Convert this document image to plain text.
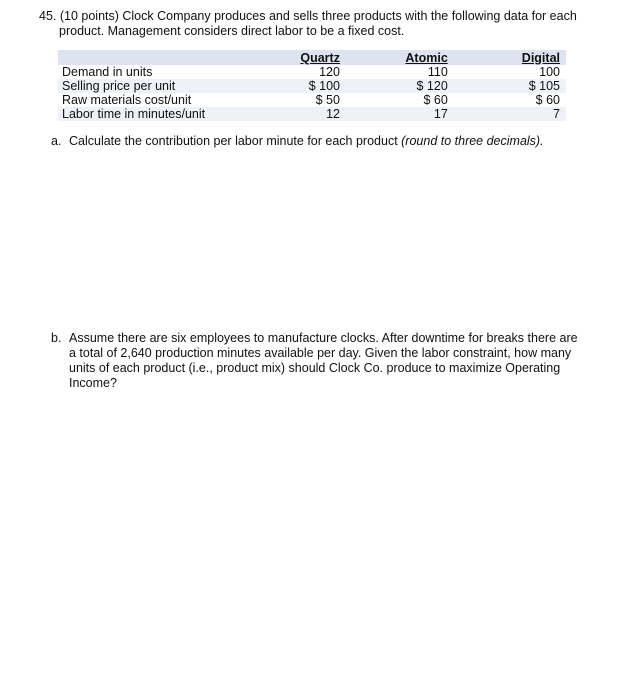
45. (10 points) Clock Company produces and sells three products with the following data for each
product. Management considers direct labor to be a fixed cost.
	Quartz	Atomic	Digital
Demand in units	120	110	100
Selling price per unit	$ 100	$ 120	$ 105
Raw materials cost/unit	$ 50	$ 60	$ 60
Labor time in minutes/unit	12	17	7
a. Calculate the contribution per labor minute for each product (round to three decimals).
b. Assume there are six employees to manufacture clocks. After downtime for breaks there are a total of 2,640 production minutes available per day. Given the labor constraint, how many units of each product (i.e., product mix) should Clock Co. produce to maximize Operating Income?
